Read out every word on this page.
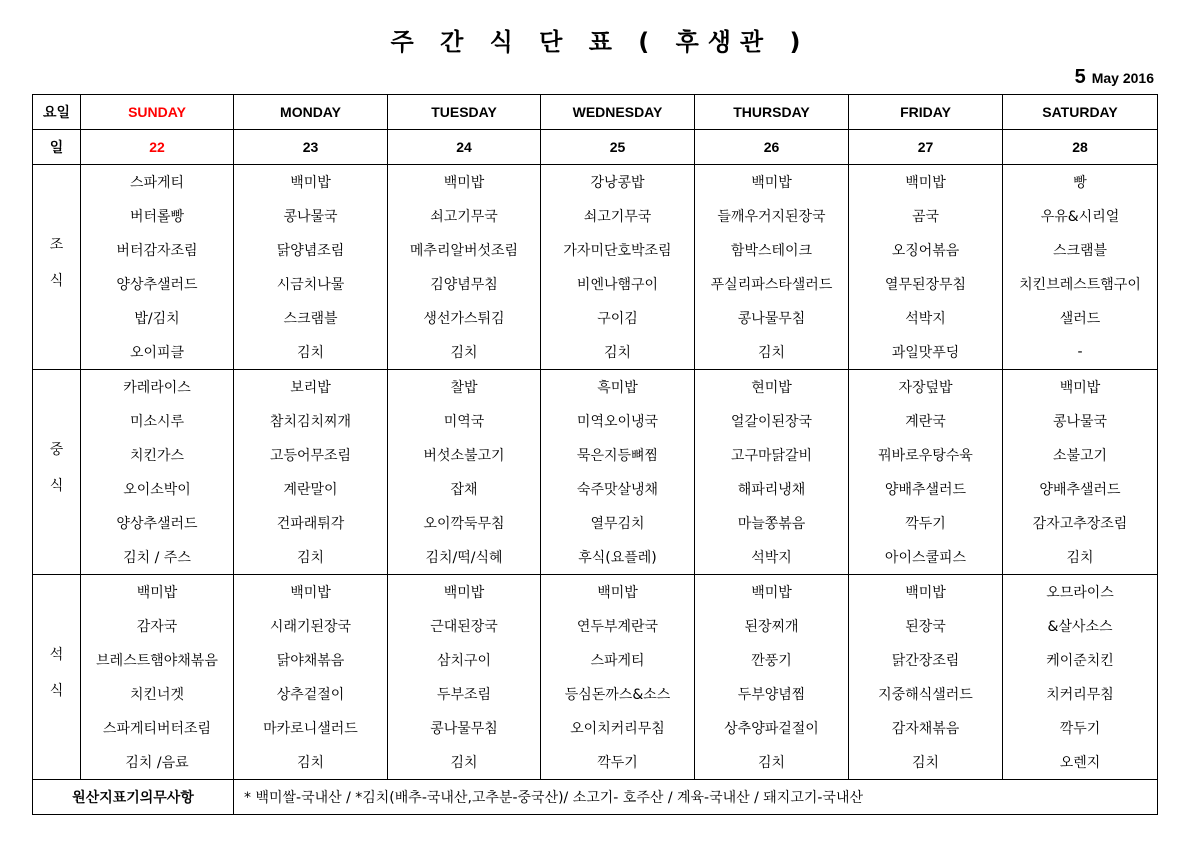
주 간 식 단 표 ( 후생관 )
5 May 2016
요일	SUNDAY	MONDAY	TUESDAY	WEDNESDAY	THURSDAY	FRIDAY	SATURDAY
일	22	23	24	25	26	27	28
조

식	스파게티	백미밥	백미밥	강낭콩밥	백미밥	백미밥	빵
	버터롤빵	콩나물국	쇠고기무국	쇠고기무국	들깨우거지된장국	곰국	우유&시리얼
	버터감자조림	닭양념조림	메추리알버섯조림	가자미단호박조림	함박스테이크	오징어볶음	스크램블
	양상추샐러드	시금치나물	김양념무침	비엔나햄구이	푸실리파스타샐러드	열무된장무침	치킨브레스트햄구이
	밥/김치	스크램블	생선가스튀김	구이김	콩나물무침	석박지	샐러드
	오이피클	김치	김치	김치	김치	과일맛푸딩	-
중

식	카레라이스	보리밥	찰밥	흑미밥	현미밥	자장덮밥	백미밥
	미소시루	참치김치찌개	미역국	미역오이냉국	얼갈이된장국	계란국	콩나물국
	치킨가스	고등어무조림	버섯소불고기	묵은지등뼈찜	고구마닭갈비	꿔바로우탕수육	소불고기
	오이소박이	계란말이	잡채	숙주맛살냉채	해파리냉채	양배추샐러드	양배추샐러드
	양상추샐러드	건파래튀각	오이깍둑무침	열무김치	마늘쫑볶음	깍두기	감자고추장조림
	김치 / 주스	김치	김치/떡/식혜	후식(요플레)	석박지	아이스쿨피스	김치
석

식	백미밥	백미밥	백미밥	백미밥	백미밥	백미밥	오므라이스
	감자국	시래기된장국	근대된장국	연두부계란국	된장찌개	된장국	&살사소스
	브레스트햄야채볶음	닭야채볶음	삼치구이	스파게티	깐풍기	닭간장조림	케이준치킨
	치킨너겟	상추겉절이	두부조림	등심돈까스&소스	두부양념찜	지중해식샐러드	치커리무침
	스파게티버터조림	마카로니샐러드	콩나물무침	오이치커리무침	상추양파겉절이	감자채볶음	깍두기
	김치 /음료	김치	김치	깍두기	김치	김치	오렌지
원산지표기의무사항		* 백미쌀-국내산 / *김치(배추-국내산,고추분-중국산)/ 소고기- 호주산 / 계육-국내산 / 돼지고기-국내산					
